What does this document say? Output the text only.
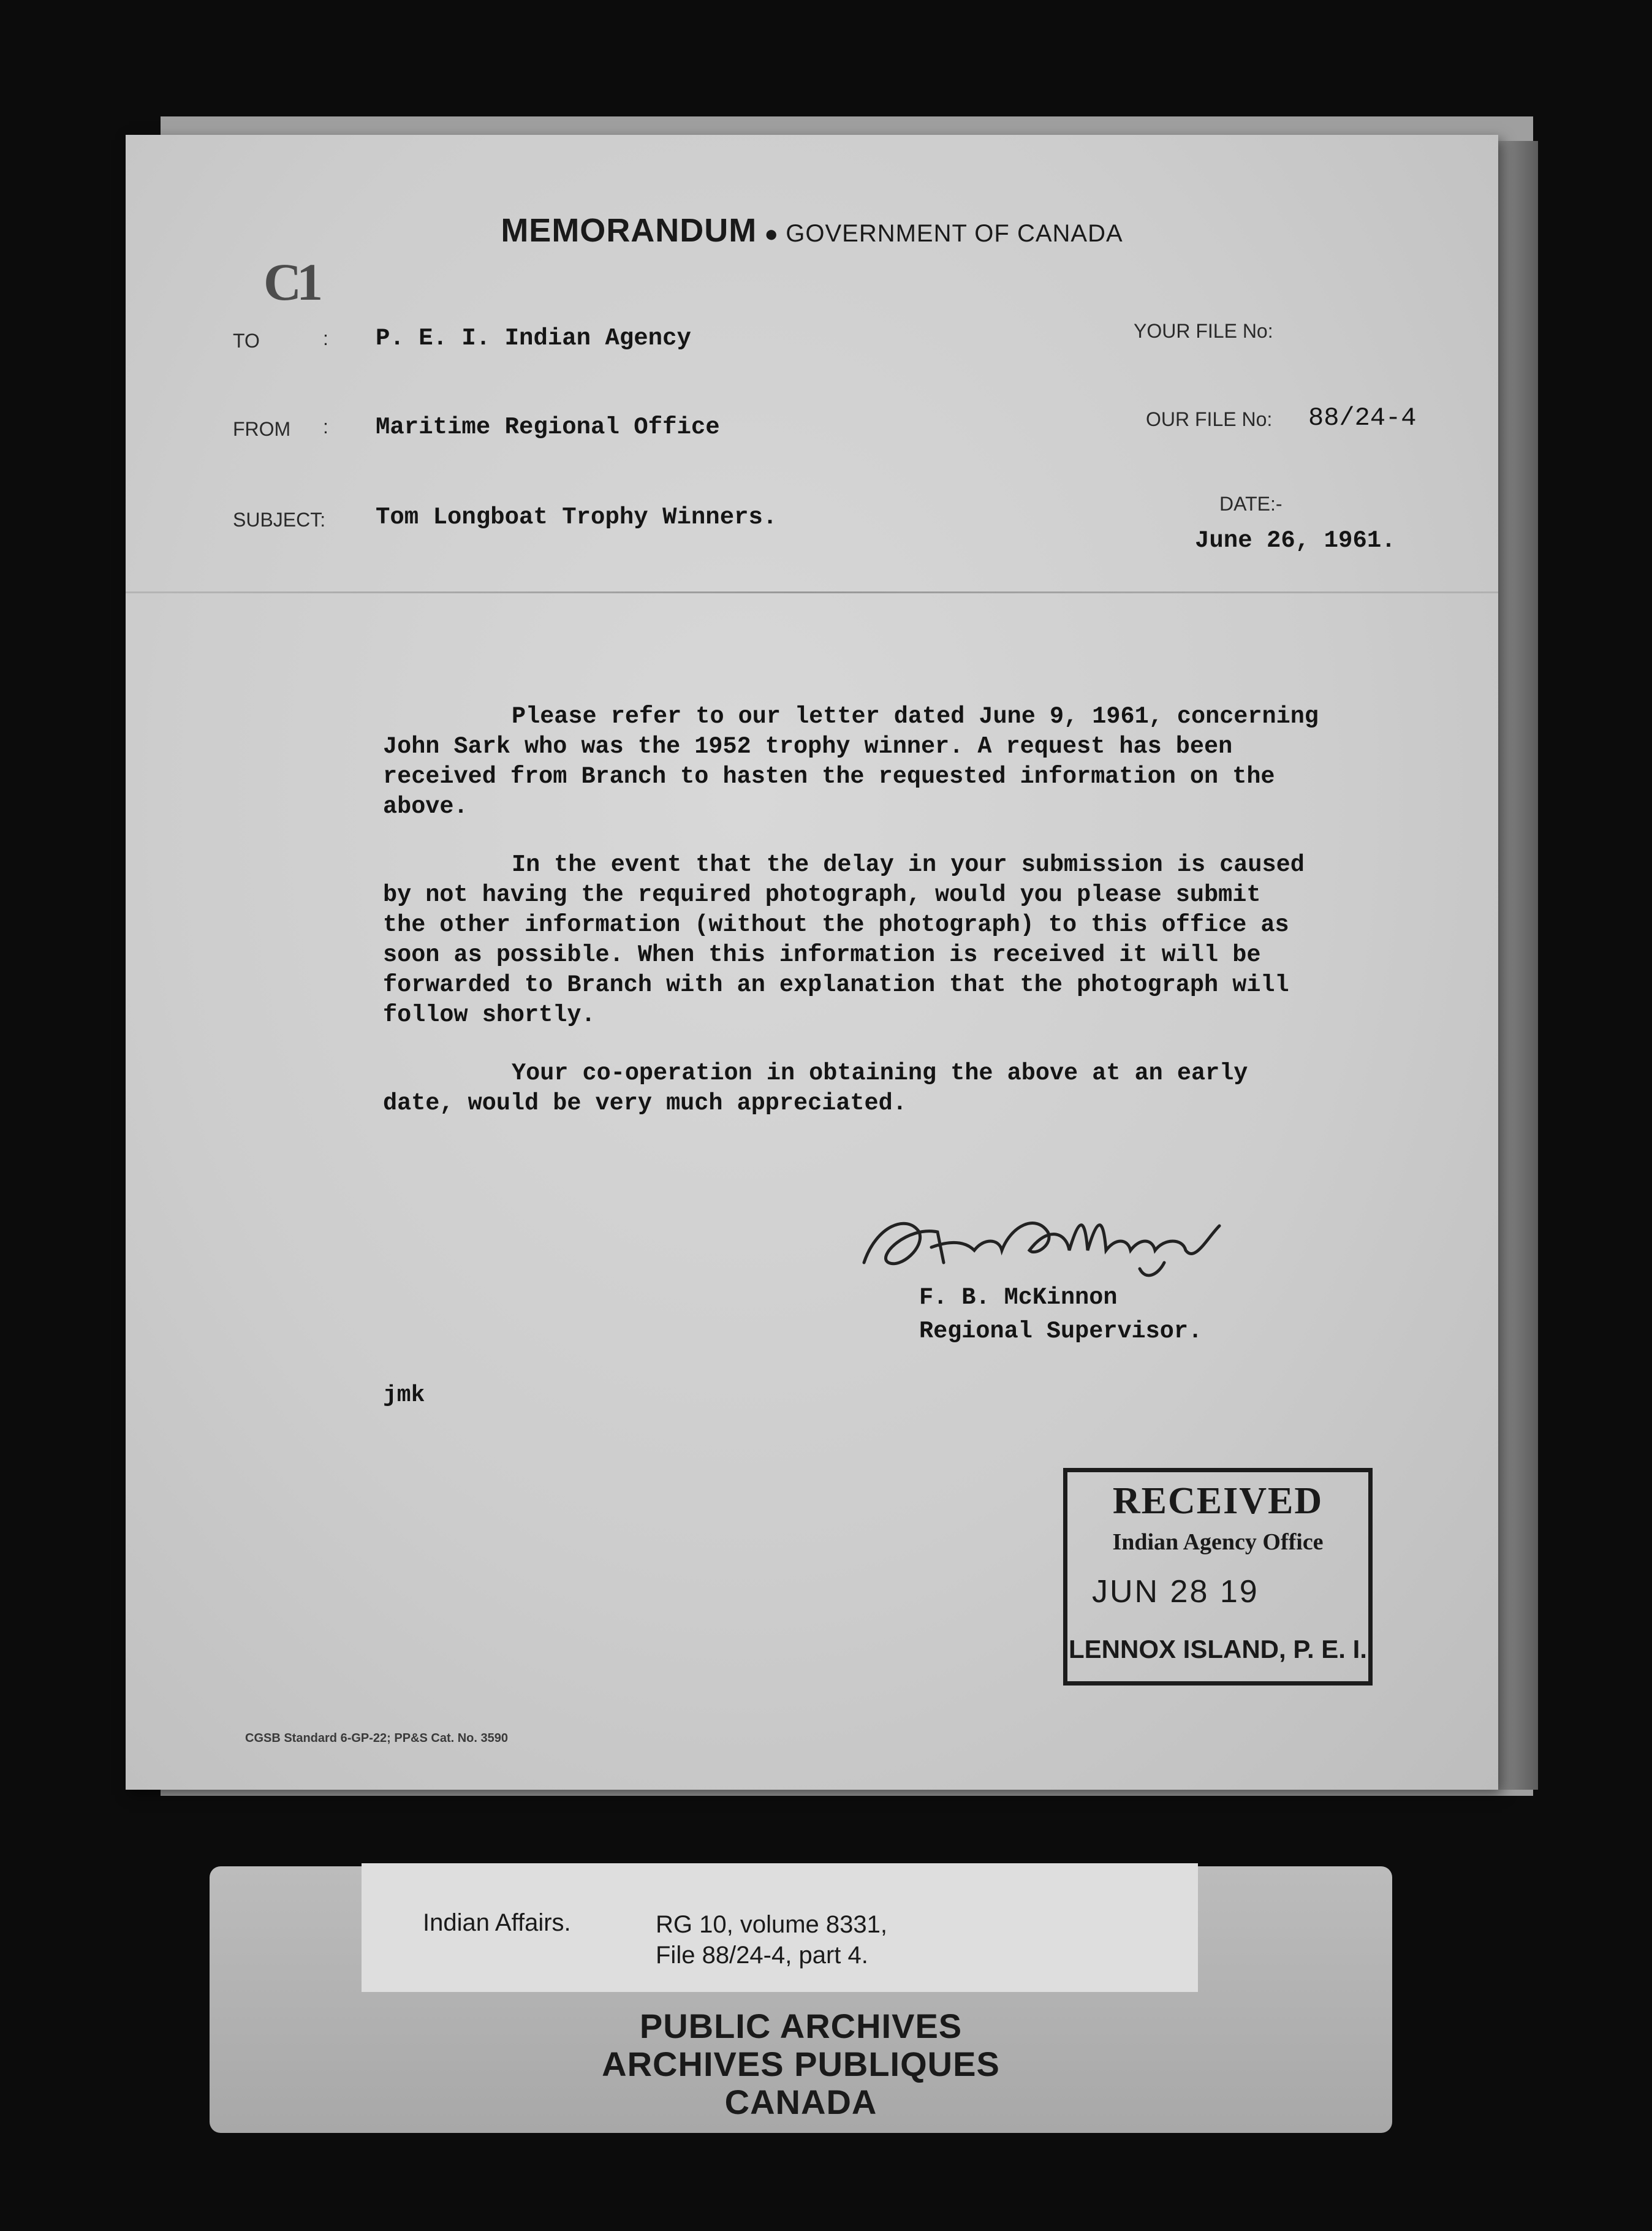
C1
MEMORANDUM ● GOVERNMENT OF CANADA
TO	: P. E. I. Indian Agency	YOUR FILE No:
FROM : Maritime Regional Office	OUR FILE No: 88/24-4
SUBJECT: Tom Longboat Trophy Winners.	DATE:-
June 26, 1961.

Please refer to our letter dated June 9, 1961, concerning
John Sark who was the 1952 trophy winner. A request has been
received from Branch to hasten the requested information on the
above.

In the event that the delay in your submission is caused
by not having the required photograph, would you please submit
the other information (without the photograph) to this office as
soon as possible. When this information is received it will be
forwarded to Branch with an explanation that the photograph will
follow shortly.

Your co-operation in obtaining the above at an early
date, would be very much appreciated.

F. B. McKinnon
Regional Supervisor.
jmk
RECEIVED
Indian Agency Office
JUN 28 19
LENNOX ISLAND, P. E. I.
CGSB Standard 6-GP-22; PP&S Cat. No. 3590
Indian Affairs.	RG 10, volume 8331,
File 88/24-4, part 4.
PUBLIC ARCHIVES
ARCHIVES PUBLIQUES
CANADA
